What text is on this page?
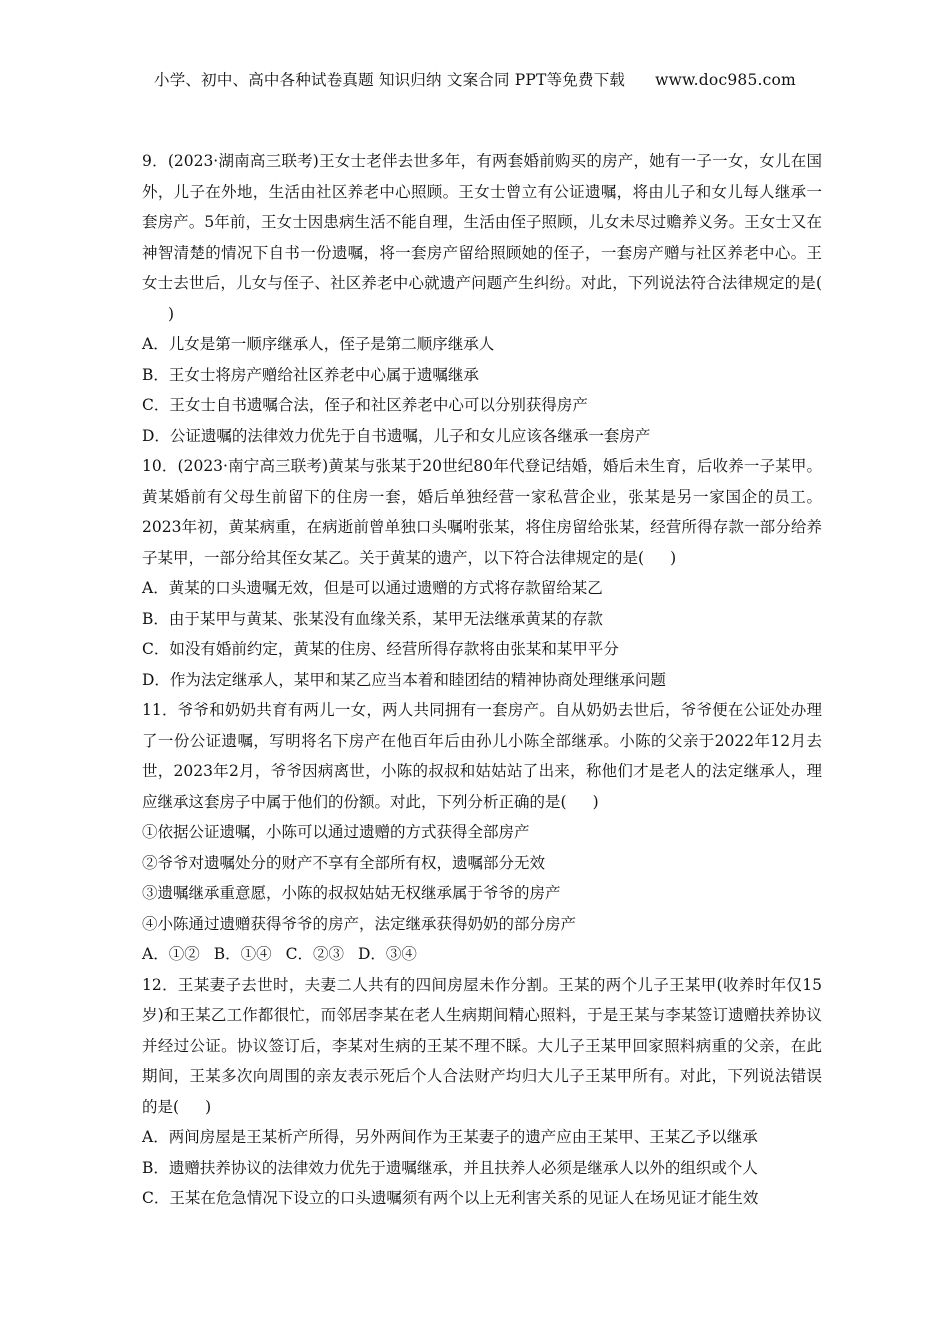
小学、初中、高中各种试卷真题 知识归纳 文案合同 PPT等免费下载 www.doc985.com
9．(2023·湖南高三联考)王女士老伴去世多年，有两套婚前购买的房产，她有一子一女，女儿在国外，儿子在外地，生活由社区养老中心照顾。王女士曾立有公证遗嘱，将由儿子和女儿每人继承一套房产。5年前，王女士因患病生活不能自理，生活由侄子照顾，儿女未尽过赡养义务。王女士又在神智清楚的情况下自书一份遗嘱，将一套房产留给照顾她的侄子，一套房产赠与社区养老中心。王女士去世后，儿女与侄子、社区养老中心就遗产问题产生纠纷。对此，下列说法符合法律规定的是()
A．儿女是第一顺序继承人，侄子是第二顺序继承人
B．王女士将房产赠给社区养老中心属于遗嘱继承
C．王女士自书遗嘱合法，侄子和社区养老中心可以分别获得房产
D．公证遗嘱的法律效力优先于自书遗嘱，儿子和女儿应该各继承一套房产
10．(2023·南宁高三联考)黄某与张某于20世纪80年代登记结婚，婚后未生育，后收养一子某甲。黄某婚前有父母生前留下的住房一套，婚后单独经营一家私营企业，张某是另一家国企的员工。2023年初，黄某病重，在病逝前曾单独口头嘱咐张某，将住房留给张某，经营所得存款一部分给养子某甲，一部分给其侄女某乙。关于黄某的遗产，以下符合法律规定的是( )
A．黄某的口头遗嘱无效，但是可以通过遗赠的方式将存款留给某乙
B．由于某甲与黄某、张某没有血缘关系，某甲无法继承黄某的存款
C．如没有婚前约定，黄某的住房、经营所得存款将由张某和某甲平分
D．作为法定继承人，某甲和某乙应当本着和睦团结的精神协商处理继承问题
11．爷爷和奶奶共育有两儿一女，两人共同拥有一套房产。自从奶奶去世后，爷爷便在公证处办理了一份公证遗嘱，写明将名下房产在他百年后由孙儿小陈全部继承。小陈的父亲于2022年12月去世，2023年2月，爷爷因病离世，小陈的叔叔和姑姑站了出来，称他们才是老人的法定继承人，理应继承这套房子中属于他们的份额。对此，下列分析正确的是( )
①依据公证遗嘱，小陈可以通过遗赠的方式获得全部房产
②爷爷对遗嘱处分的财产不享有全部所有权，遗嘱部分无效
③遗嘱继承重意愿，小陈的叔叔姑姑无权继承属于爷爷的房产
④小陈通过遗赠获得爷爷的房产，法定继承获得奶奶的部分房产
A．①② B．①④ C．②③ D．③④
12．王某妻子去世时，夫妻二人共有的四间房屋未作分割。王某的两个儿子王某甲(收养时年仅15岁)和王某乙工作都很忙，而邻居李某在老人生病期间精心照料，于是王某与李某签订遗赠扶养协议并经过公证。协议签订后，李某对生病的王某不理不睬。大儿子王某甲回家照料病重的父亲，在此期间，王某多次向周围的亲友表示死后个人合法财产均归大儿子王某甲所有。对此，下列说法错误的是( )
A．两间房屋是王某析产所得，另外两间作为王某妻子的遗产应由王某甲、王某乙予以继承
B．遗赠扶养协议的法律效力优先于遗嘱继承，并且扶养人必须是继承人以外的组织或个人
C．王某在危急情况下设立的口头遗嘱须有两个以上无利害关系的见证人在场见证才能生效
